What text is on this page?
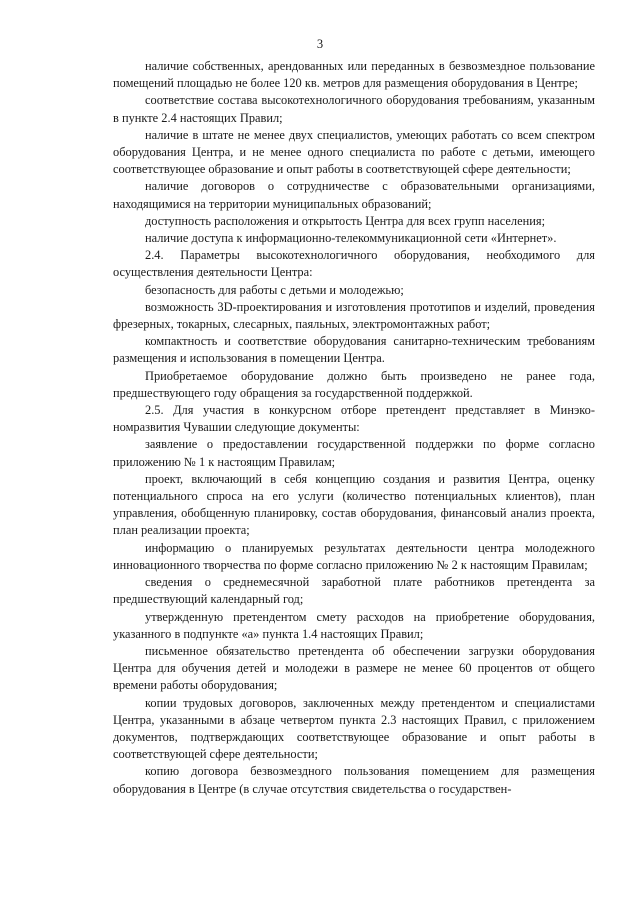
3

наличие собственных, арендованных или переданных в безвозмездное пользование помещений площадью не более 120 кв. метров для размещения оборудования в Центре;

соответствие состава высокотехнологичного оборудования требованиям, указанным в пункте 2.4 настоящих Правил;

наличие в штате не менее двух специалистов, умеющих работать со всем спектром оборудования Центра, и не менее одного специалиста по работе с детьми, имеющего соответствующее образование и опыт работы в соответствующей сфере деятельности;

наличие договоров о сотрудничестве с образовательными организациями, находящимися на территории муниципальных образований;

доступность расположения и открытость Центра для всех групп населения;

наличие доступа к информационно-телекоммуникационной сети «Интернет».

2.4. Параметры высокотехнологичного оборудования, необходимого для осуществления деятельности Центра:

безопасность для работы с детьми и молодежью;

возможность 3D-проектирования и изготовления прототипов и изделий, проведения фрезерных, токарных, слесарных, паяльных, электромонтажных работ;

компактность и соответствие оборудования санитарно-техническим требованиям размещения и использования в помещении Центра.

Приобретаемое оборудование должно быть произведено не ранее года, предшествующего году обращения за государственной поддержкой.

2.5. Для участия в конкурсном отборе претендент представляет в Минэкономразвития Чувашии следующие документы:

заявление о предоставлении государственной поддержки по форме согласно приложению № 1 к настоящим Правилам;

проект, включающий в себя концепцию создания и развития Центра, оценку потенциального спроса на его услуги (количество потенциальных клиентов), план управления, обобщенную планировку, состав оборудования, финансовый анализ проекта, план реализации проекта;

информацию о планируемых результатах деятельности центра молодежного инновационного творчества по форме согласно приложению № 2 к настоящим Правилам;

сведения о среднемесячной заработной плате работников претендента за предшествующий календарный год;

утвержденную претендентом смету расходов на приобретение оборудования, указанного в подпункте «а» пункта 1.4 настоящих Правил;

письменное обязательство претендента об обеспечении загрузки оборудования Центра для обучения детей и молодежи в размере не менее 60 процентов от общего времени работы оборудования;

копии трудовых договоров, заключенных между претендентом и специалистами Центра, указанными в абзаце четвертом пункта 2.3 настоящих Правил, с приложением документов, подтверждающих соответствующее образование и опыт работы в соответствующей сфере деятельности;

копию договора безвозмездного пользования помещением для размещения оборудования в Центре (в случае отсутствия свидетельства о государствен-
